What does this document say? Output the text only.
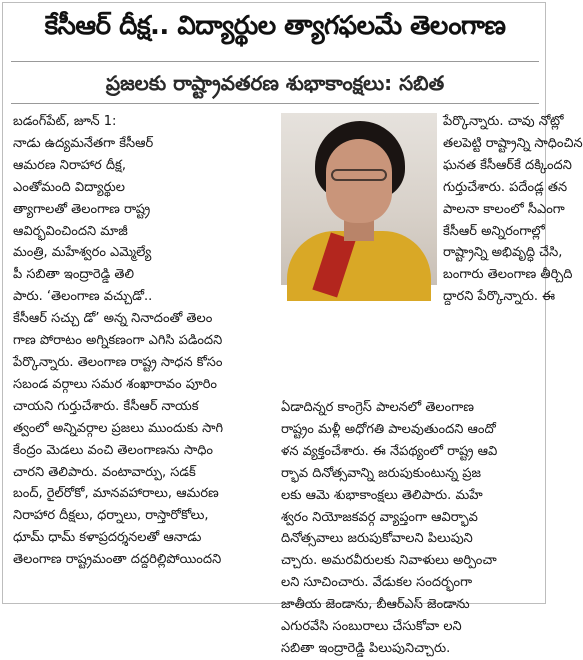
కేసీఆర్ దీక్ష.. విద్యార్థుల త్యాగఫలమే తెలంగాణ
ప్రజలకు రాష్ట్రావతరణ శుభాకాంక్షలు: సబిత
బడంగ్‌పేట్, జూన్ 1:
నాడు ఉద్యమనేతగా కేసీఆర్
ఆమరణ నిరాహార దీక్ష,
ఎంతోమంది విద్యార్థుల
త్యాగాలతో తెలంగాణ రాష్ట్ర
ఆవిర్భవించిందని మాజీ
మంత్రి, మహేశ్వరం ఎమ్మెల్యే
పీ సబితా ఇంద్రారెడ్డి తెలి
పారు. ‘తెలంగాణ వచ్చుడో..
కేసీఆర్ సచ్చు డో’ అన్న నినాదంతో తెలం
గాణ పోరాటం అగ్నికణంగా ఎగిసి పడిందని
పేర్కొన్నారు. తెలంగాణ రాష్ట్ర సాధన కోసం
సబండ వర్గాలు సమర శంఖారావం పూరిం
చాయని గుర్తుచేశారు. కేసీఆర్ నాయక
త్వంలో అన్నివర్గాల ప్రజలు ముందుకు సాగి
కేంద్రం మెడలు వంచి తెలంగాణను సాధిం
చారని తెలిపారు. వంటావార్పు, సడక్
బంద్, రైల్‌రోకో, మానవహారాలు, ఆమరణ
నిరాహార దీక్షలు, ధర్నాలు, రాస్తారోకోలు,
ధూమ్ ధామ్ కళాప్రదర్శనలతో ఆనాడు
తెలంగాణ రాష్ట్రమంతా దద్దరిల్లిపోయిందని
పేర్కొన్నారు. చావు నోట్లో
తలపెట్టి రాష్ట్రాన్ని సాధించిన
ఘనత కేసీఆర్‌కే దక్కిందని
గుర్తుచేశారు. పదేండ్ల తన
పాలనా కాలంలో సీఎంగా
కేసీఆర్ అన్నిరంగాల్లో
రాష్ట్రాన్ని అభివృద్ధి చేసి,
బంగారు తెలంగాణ తీర్చిది
ద్దారని పేర్కొన్నారు. ఈ
ఏడాదిన్నర కాంగ్రెస్ పాలనలో తెలంగాణ
రాష్ట్రం మళ్లీ అధోగతి పాలవుతుందని ఆందో
ళన వ్యక్తంచేశారు. ఈ నేపథ్యంలో రాష్ట్ర ఆవి
ర్భావ దినోత్సవాన్ని జరుపుకుంటున్న ప్రజ
లకు ఆమె శుభాకాంక్షలు తెలిపారు. మహే
శ్వరం నియోజకవర్గ వ్యాప్తంగా ఆవిర్భావ
దినోత్సవాలు జరుపుకోవాలని పిలుపుని
చ్చారు. అమరవీరులకు నివాళులు అర్పించా
లని సూచించారు. వేడుకల సందర్భంగా
జాతీయ జెండాను, బీఆర్‌ఎస్ జెండాను
ఎగురవేసి సంబురాలు చేసుకోవా లని
సబితా ఇంద్రారెడ్డి పిలుపునిచ్చారు.
